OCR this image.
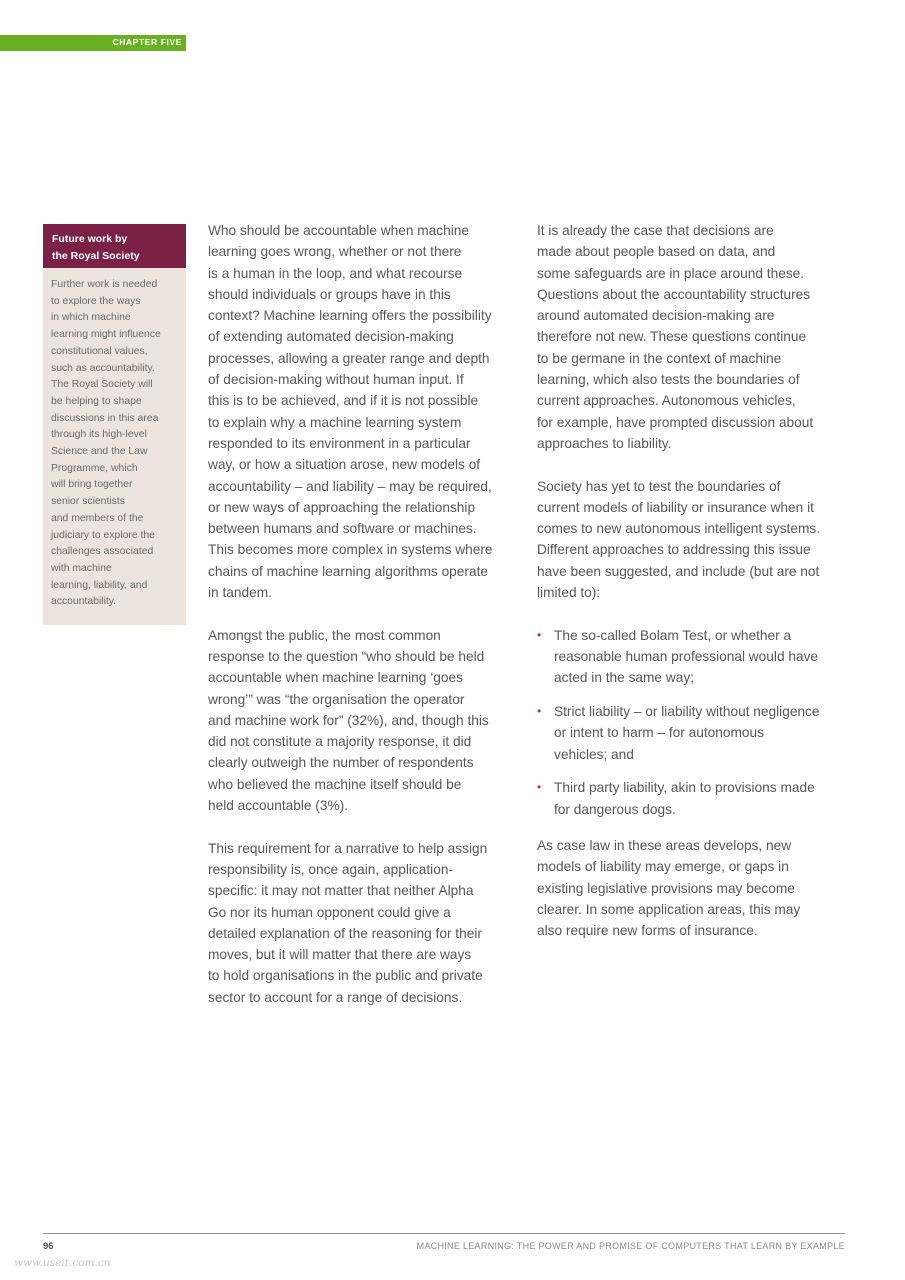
CHAPTER FIVE
Future work by
the Royal Society
Further work is needed
to explore the ways
in which machine
learning might influence
constitutional values,
such as accountability.
The Royal Society will
be helping to shape
discussions in this area
through its high-level
Science and the Law
Programme, which
will bring together
senior scientists
and members of the
judiciary to explore the
challenges associated
with machine
learning, liability, and
accountability.

Who should be accountable when machine
learning goes wrong, whether or not there
is a human in the loop, and what recourse
should individuals or groups have in this
context? Machine learning offers the possibility
of extending automated decision-making
processes, allowing a greater range and depth
of decision-making without human input. If
this is to be achieved, and if it is not possible
to explain why a machine learning system
responded to its environment in a particular
way, or how a situation arose, new models of
accountability – and liability – may be required,
or new ways of approaching the relationship
between humans and software or machines.
This becomes more complex in systems where
chains of machine learning algorithms operate
in tandem.

Amongst the public, the most common
response to the question “who should be held
accountable when machine learning ‘goes
wrong’” was “the organisation the operator
and machine work for” (32%), and, though this
did not constitute a majority response, it did
clearly outweigh the number of respondents
who believed the machine itself should be
held accountable (3%).

This requirement for a narrative to help assign
responsibility is, once again, application-
specific: it may not matter that neither Alpha
Go nor its human opponent could give a
detailed explanation of the reasoning for their
moves, but it will matter that there are ways
to hold organisations in the public and private
sector to account for a range of decisions.

It is already the case that decisions are
made about people based on data, and
some safeguards are in place around these.
Questions about the accountability structures
around automated decision-making are
therefore not new. These questions continue
to be germane in the context of machine
learning, which also tests the boundaries of
current approaches. Autonomous vehicles,
for example, have prompted discussion about
approaches to liability.

Society has yet to test the boundaries of
current models of liability or insurance when it
comes to new autonomous intelligent systems.
Different approaches to addressing this issue
have been suggested, and include (but are not
limited to):

• The so-called Bolam Test, or whether a
reasonable human professional would have
acted in the same way;
• Strict liability – or liability without negligence
or intent to harm – for autonomous
vehicles; and
• Third party liability, akin to provisions made
for dangerous dogs.

As case law in these areas develops, new
models of liability may emerge, or gaps in
existing legislative provisions may become
clearer. In some application areas, this may
also require new forms of insurance.

96	MACHINE LEARNING: THE POWER AND PROMISE OF COMPUTERS THAT LEARN BY EXAMPLE
www.useit.com.cn
